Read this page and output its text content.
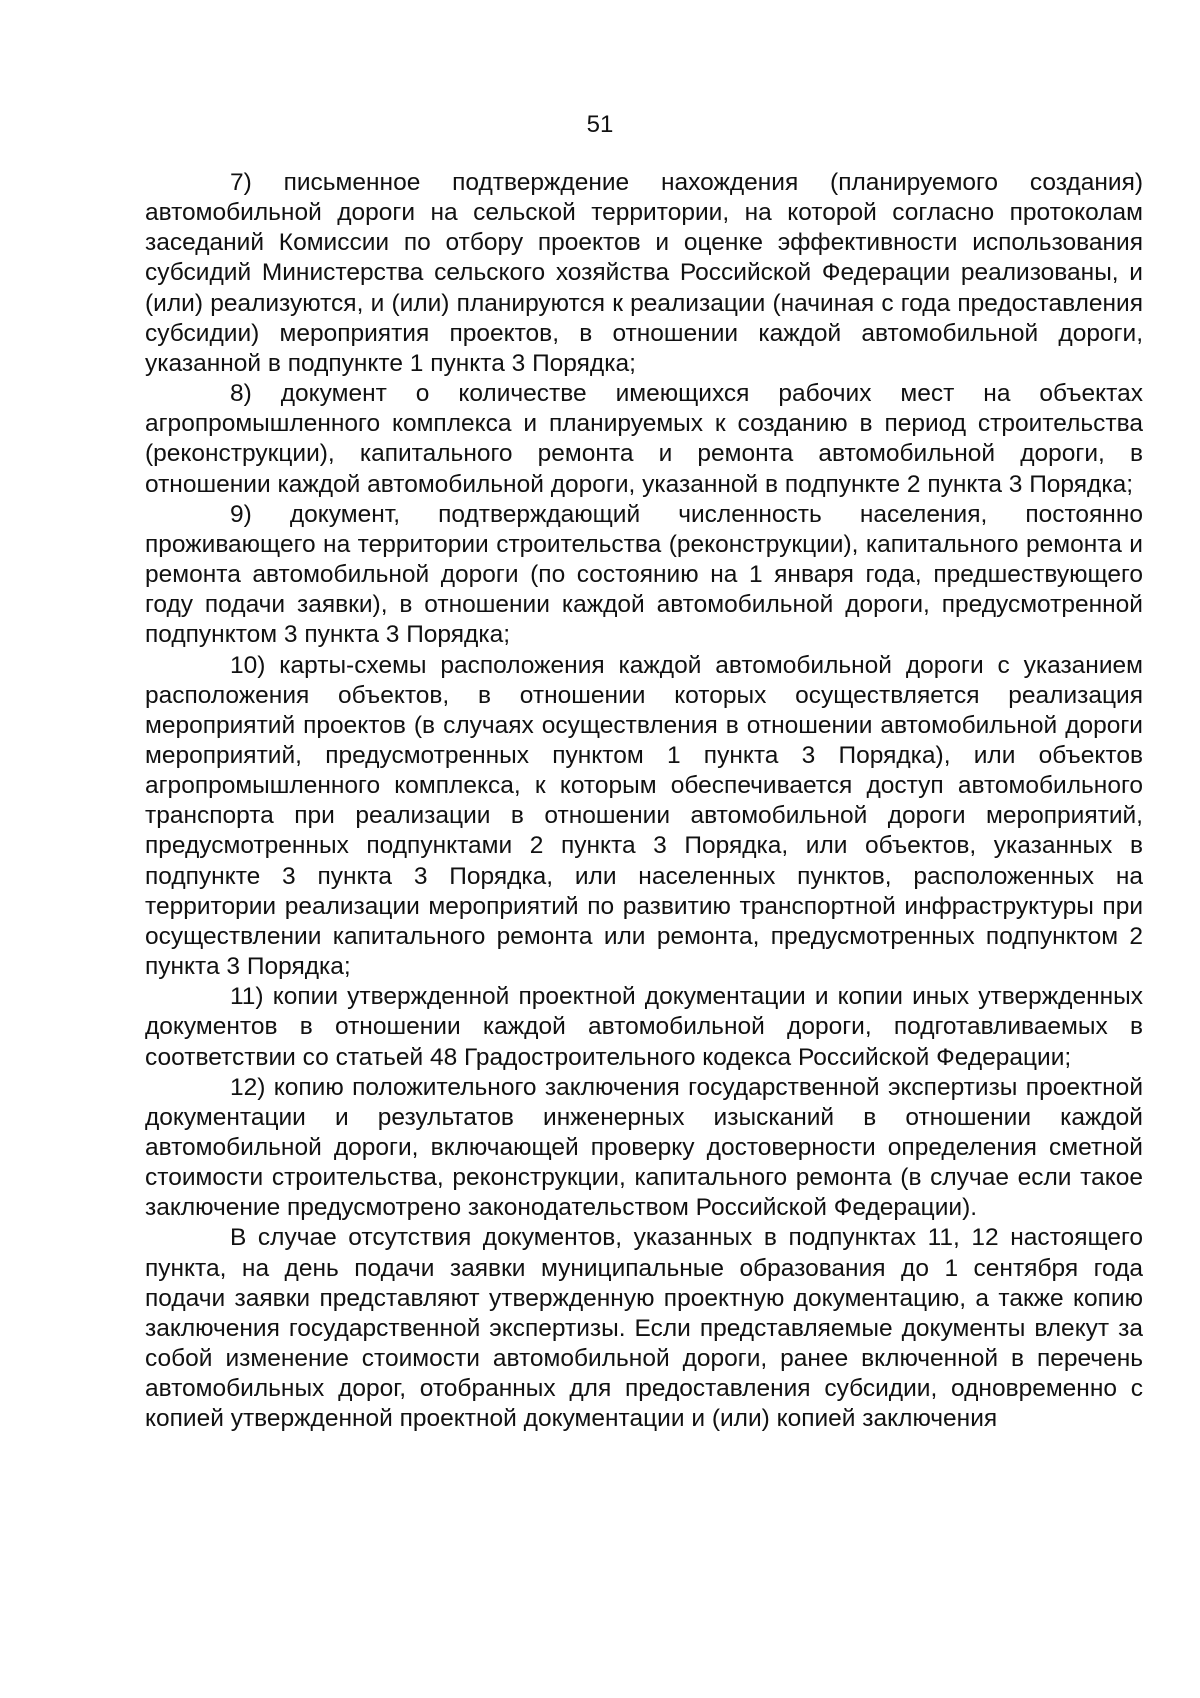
51

7) письменное подтверждение нахождения (планируемого создания) автомобильной дороги на сельской территории, на которой согласно протоколам заседаний Комиссии по отбору проектов и оценке эффективности использования субсидий Министерства сельского хозяйства Российской Федерации реализованы, и (или) реализуются, и (или) планируются к реализации (начиная с года предоставления субсидии) мероприятия проектов, в отношении каждой автомобильной дороги, указанной в подпункте 1 пункта 3 Порядка;

8) документ о количестве имеющихся рабочих мест на объектах агропромышленного комплекса и планируемых к созданию в период строительства (реконструкции), капитального ремонта и ремонта автомобильной дороги, в отношении каждой автомобильной дороги, указанной в подпункте 2 пункта 3 Порядка;

9) документ, подтверждающий численность населения, постоянно проживающего на территории строительства (реконструкции), капитального ремонта и ремонта автомобильной дороги (по состоянию на 1 января года, предшествующего году подачи заявки), в отношении каждой автомобильной дороги, предусмотренной подпунктом 3 пункта 3 Порядка;

10) карты-схемы расположения каждой автомобильной дороги с указанием расположения объектов, в отношении которых осуществляется реализация мероприятий проектов (в случаях осуществления в отношении автомобильной дороги мероприятий, предусмотренных пунктом 1 пункта 3 Порядка), или объектов агропромышленного комплекса, к которым обеспечивается доступ автомобильного транспорта при реализации в отношении автомобильной дороги мероприятий, предусмотренных подпунктами 2 пункта 3 Порядка, или объектов, указанных в подпункте 3 пункта 3 Порядка, или населенных пунктов, расположенных на территории реализации мероприятий по развитию транспортной инфраструктуры при осуществлении капитального ремонта или ремонта, предусмотренных подпунктом 2 пункта 3 Порядка;

11) копии утвержденной проектной документации и копии иных утвержденных документов в отношении каждой автомобильной дороги, подготавливаемых в соответствии со статьей 48 Градостроительного кодекса Российской Федерации;

12) копию положительного заключения государственной экспертизы проектной документации и результатов инженерных изысканий в отношении каждой автомобильной дороги, включающей проверку достоверности определения сметной стоимости строительства, реконструкции, капитального ремонта (в случае если такое заключение предусмотрено законодательством Российской Федерации).

В случае отсутствия документов, указанных в подпунктах 11, 12 настоящего пункта, на день подачи заявки муниципальные образования до 1 сентября года подачи заявки представляют утвержденную проектную документацию, а также копию заключения государственной экспертизы. Если представляемые документы влекут за собой изменение стоимости автомобильной дороги, ранее включенной в перечень автомобильных дорог, отобранных для предоставления субсидии, одновременно с копией утвержденной проектной документации и (или) копией заключения
